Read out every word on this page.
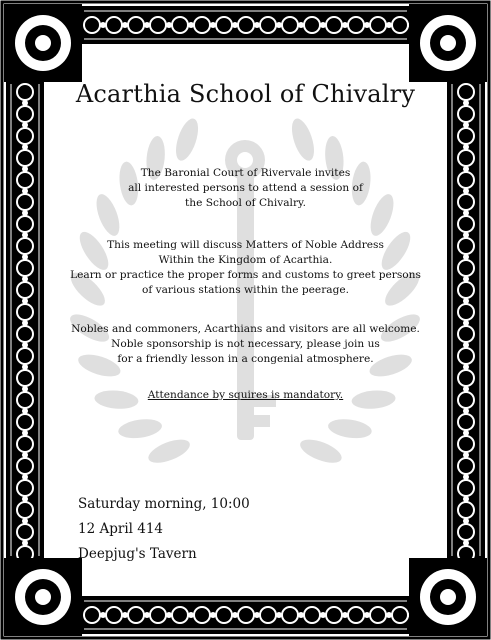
Acarthia School of Chivalry
The Baronial Court of Rivervale invites
all interested persons to attend a session of
the School of Chivalry.
This meeting will discuss Matters of Noble Address
Within the Kingdom of Acarthia.
Learn or practice the proper forms and customs to greet persons
of various stations within the peerage.
Nobles and commoners, Acarthians and visitors are all welcome.
Noble sponsorship is not necessary, please join us
for a friendly lesson in a congenial atmosphere.
Attendance by squires is mandatory.
Saturday morning, 10:00
12 April 414
Deepjug's Tavern
